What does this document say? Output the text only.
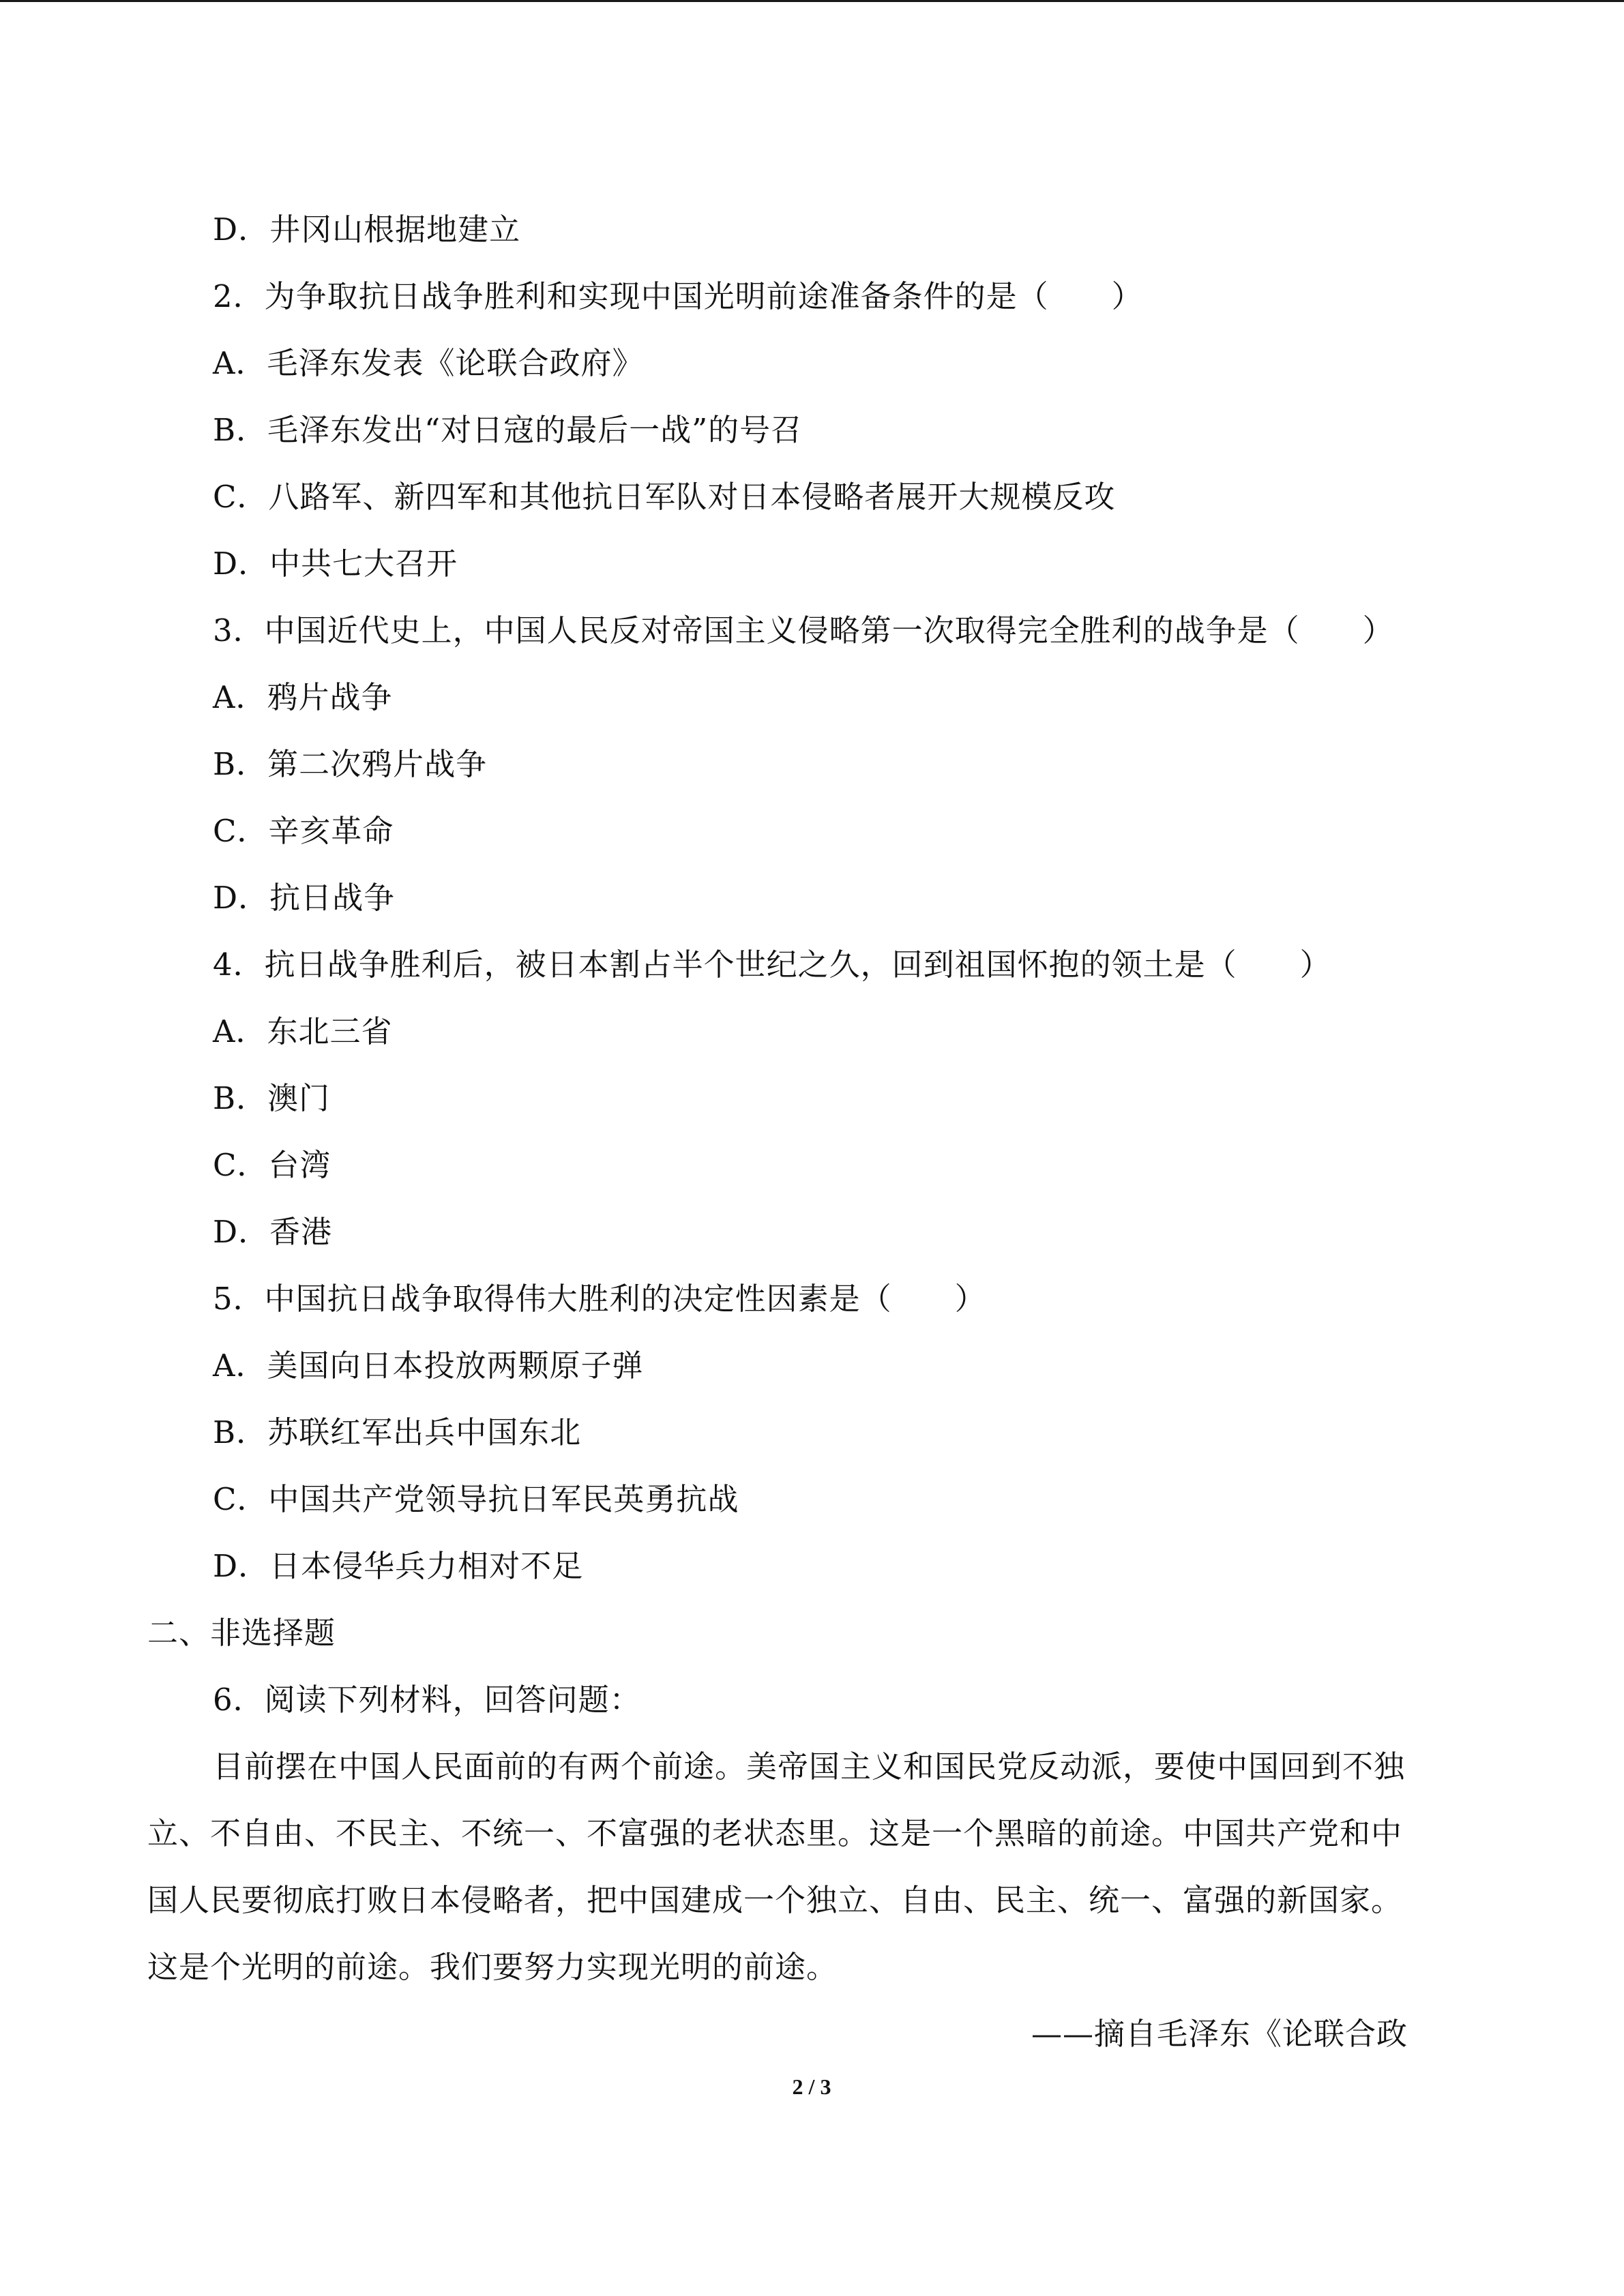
D．井冈山根据地建立
2．为争取抗日战争胜利和实现中国光明前途准备条件的是（　　）
A．毛泽东发表《论联合政府》
B．毛泽东发出“对日寇的最后一战”的号召
C．八路军、新四军和其他抗日军队对日本侵略者展开大规模反攻
D．中共七大召开
3．中国近代史上，中国人民反对帝国主义侵略第一次取得完全胜利的战争是（　　）
A．鸦片战争
B．第二次鸦片战争
C．辛亥革命
D．抗日战争
4．抗日战争胜利后，被日本割占半个世纪之久，回到祖国怀抱的领土是（　　）
A．东北三省
B．澳门
C．台湾
D．香港
5．中国抗日战争取得伟大胜利的决定性因素是（　　）
A．美国向日本投放两颗原子弹
B．苏联红军出兵中国东北
C．中国共产党领导抗日军民英勇抗战
D．日本侵华兵力相对不足
二、非选择题
6．阅读下列材料，回答问题：
目前摆在中国人民面前的有两个前途。美帝国主义和国民党反动派，要使中国回到不独
立、不自由、不民主、不统一、不富强的老状态里。这是一个黑暗的前途。中国共产党和中
国人民要彻底打败日本侵略者，把中国建成一个独立、自由、民主、统一、富强的新国家。
这是个光明的前途。我们要努力实现光明的前途。
——摘自毛泽东《论联合政
2 / 3
